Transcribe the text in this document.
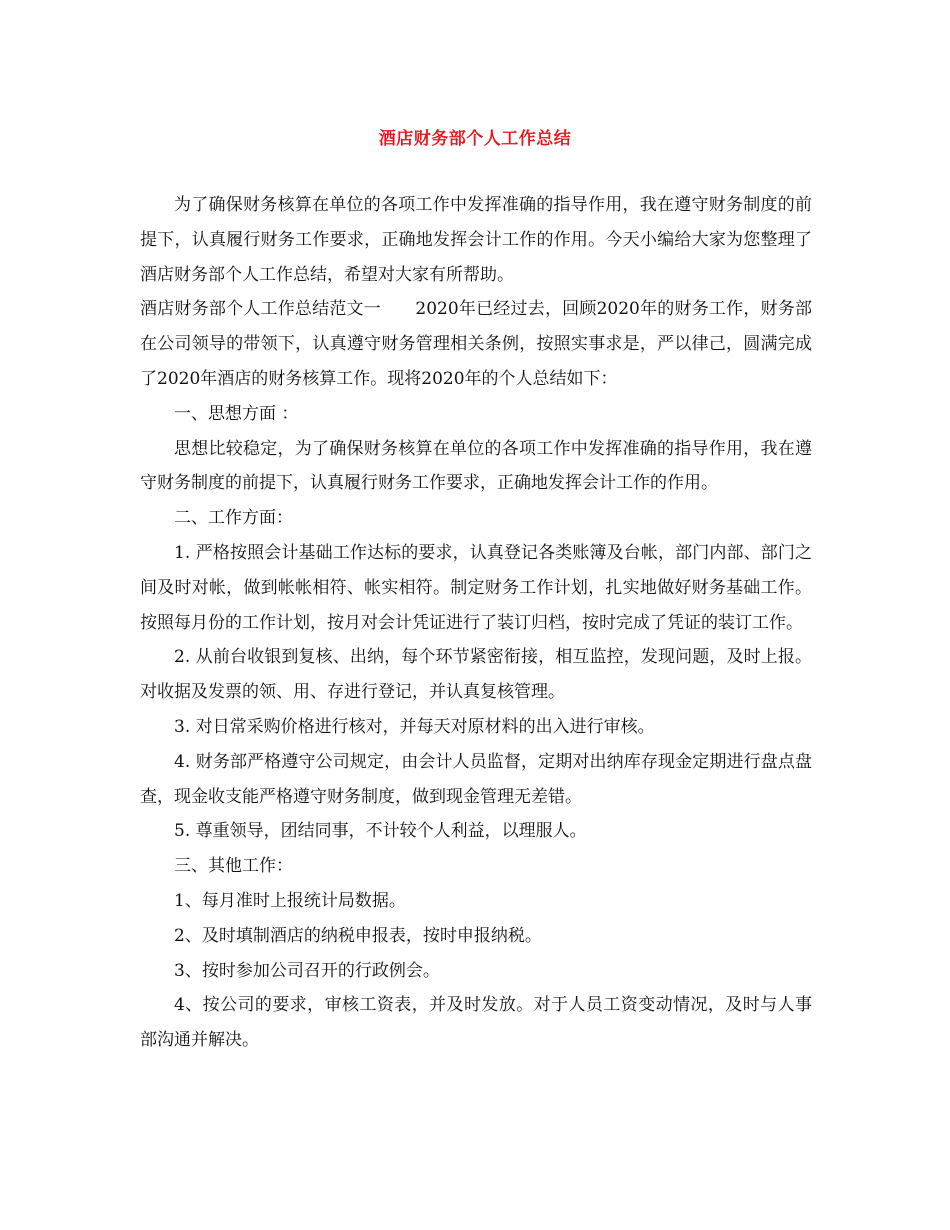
酒店财务部个人工作总结

为了确保财务核算在单位的各项工作中发挥准确的指导作用，我在遵守财务制度的前提下，认真履行财务工作要求，正确地发挥会计工作的作用。今天小编给大家为您整理了酒店财务部个人工作总结，希望对大家有所帮助。

酒店财务部个人工作总结范文一　　2020年已经过去，回顾2020年的财务工作，财务部在公司领导的带领下，认真遵守财务管理相关条例，按照实事求是，严以律己，圆满完成了2020年酒店的财务核算工作。现将2020年的个人总结如下：

一、思想方面 ：

思想比较稳定，为了确保财务核算在单位的各项工作中发挥准确的指导作用，我在遵守财务制度的前提下，认真履行财务工作要求，正确地发挥会计工作的作用。

二、工作方面：

1. 严格按照会计基础工作达标的要求，认真登记各类账簿及台帐，部门内部、部门之间及时对帐，做到帐帐相符、帐实相符。制定财务工作计划，扎实地做好财务基础工作。按照每月份的工作计划，按月对会计凭证进行了装订归档，按时完成了凭证的装订工作。

2. 从前台收银到复核、出纳，每个环节紧密衔接，相互监控，发现问题，及时上报。对收据及发票的领、用、存进行登记，并认真复核管理。

3. 对日常采购价格进行核对，并每天对原材料的出入进行审核。

4. 财务部严格遵守公司规定，由会计人员监督，定期对出纳库存现金定期进行盘点盘查，现金收支能严格遵守财务制度，做到现金管理无差错。

5. 尊重领导，团结同事，不计较个人利益，以理服人。

三、其他工作：

1、每月准时上报统计局数据。

2、及时填制酒店的纳税申报表，按时申报纳税。

3、按时参加公司召开的行政例会。

4、按公司的要求，审核工资表，并及时发放。对于人员工资变动情况，及时与人事部沟通并解决。
